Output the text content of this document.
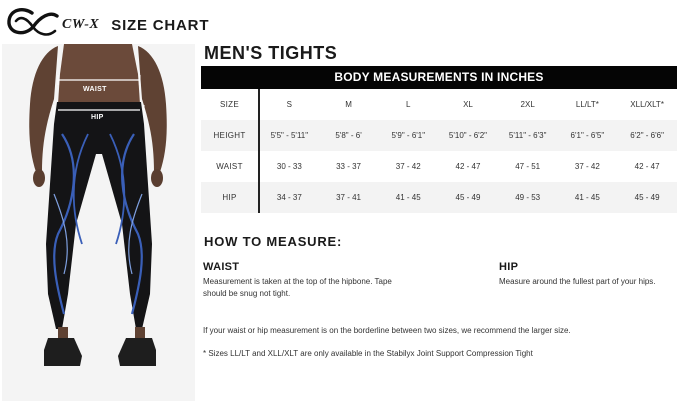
CW-X SIZE CHART
WAIST
HIP
MEN'S TIGHTS
BODY MEASUREMENTS IN INCHES
SIZE	S	M	L	XL	2XL	LL/LT*	XLL/XLT*
HEIGHT	5'5" - 5'11"	5'8" - 6'	5'9" - 6'1"	5'10" - 6'2"	5'11" - 6'3"	6'1" - 6'5"	6'2" - 6'6"
WAIST	30 - 33	33 - 37	37 - 42	42 - 47	47 - 51	37 - 42	42 - 47
HIP	34 - 37	37 - 41	41 - 45	45 - 49	49 - 53	41 - 45	45 - 49
HOW TO MEASURE:
WAIST
Measurement is taken at the top of the hipbone. Tape
should be snug not tight.
HIP
Measure around the fullest part of your hips.
If your waist or hip measurement is on the borderline between two sizes, we recommend the larger size.
* Sizes LL/LT and XLL/XLT are only available in the Stabilyx Joint Support Compression Tight
